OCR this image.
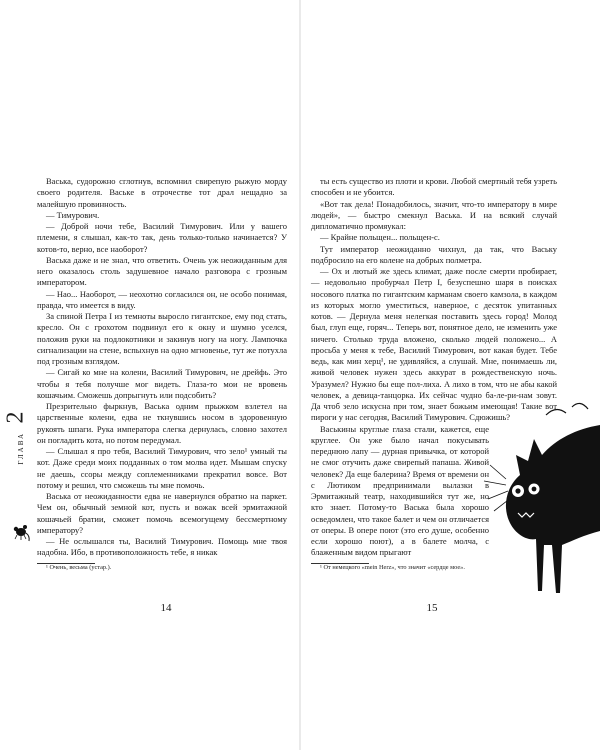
Васька, судорожно сглотнув, вспомнил свирепую рыжую морду своего родителя. Ваське в отрочестве тот драл нещадно за малейшую провинность.

— Тимурович.

— Доброй ночи тебе, Василий Тимурович. Или у вашего племени, я слышал, как-то так, день только-только начинается? У котов-то, верно, все наоборот?

Васька даже и не знал, что ответить. Очень уж неожиданным для него оказалось столь задушевное начало разговора с грозным императором.

— Нао... Наоборот, — неохотно согласился он, не особо понимая, правда, что имеется в виду.

За спиной Петра I из темноты выросло гигантское, ему под стать, кресло. Он с грохотом подвинул его к окну и шумно уселся, положив руки на подлокотники и закинув ногу на ногу. Лампочка сигнализации на стене, вспыхнув на одно мгновенье, тут же потухла под грозным взглядом.

— Сигай ко мне на колени, Василий Тимурович, не дрейфь. Это чтобы я тебя получше мог видеть. Глаза-то мои не вровень кошачьим. Сможешь допрыгнуть или подсобить?

Презрительно фыркнув, Васька одним прыжком взлетел на царственные колени, едва не ткнувшись носом в здоровенную рукоять шпаги. Рука императора слегка дернулась, словно захотел он погладить кота, но потом передумал.

— Слышал я про тебя, Василий Тимурович, что зело¹ умный ты кот. Даже среди моих подданных о том молва идет. Мышам спуску не даешь, ссоры между соплеменниками прекратил вовсе. Вот потому и решил, что сможешь ты мне помочь.

Васька от неожиданности едва не навернулся обратно на паркет. Чем он, обычный земной кот, пусть и вожак всей эрмитажной кошачьей братии, сможет помочь всемогущему бессмертному императору?

— Не ослышался ты, Василий Тимурович. Помощь мне твоя надобна. Ибо, в противоположность тебе, я никак

¹ Очень, весьма (устар.).

ГЛАВА
2
14

ты есть существо из плоти и крови. Любой смертный тебя узреть способен и не убоится.

«Вот так дела! Понадобилось, значит, что-то императору в мире людей», — быстро смекнул Васька. И на всякий случай дипломатично промяукал:

— Крайне польщен... польщен-с.

Тут император неожиданно чихнул, да так, что Ваську подбросило на его колене на добрых полметра.

— Ох и лютый же здесь климат, даже после смерти пробирает, — недовольно пробурчал Петр I, безуспешно шаря в поисках носового платка по гигантским карманам своего камзола, в каждом из которых могло уместиться, наверное, с десяток упитанных котов. — Дернула меня нелегкая поставить здесь город! Молод был, глуп еще, горяч... Теперь вот, понятное дело, не изменить уже ничего. Столько труда вложено, сколько людей положено... А просьба у меня к тебе, Василий Тимурович, вот какая будет. Тебе ведь, как мин херц¹, не удивляйся, а слушай. Мне, понимаешь ли, живой человек нужен здесь аккурат в рождественскую ночь. Уразумел? Нужно бы еще пол-лиха. А лихо в том, что не абы какой человек, а девица-танцорка. Их сейчас чудно ба-ле-ри-нам зовут. Да чтоб зело искусна при том, знает божьим имеющая! Такие вот пироги у нас сегодня, Василий Тимурович. Сдюжишь?

Васькины круглые глаза стали, кажется, еще круглее. Он уже было начал покусывать переднюю лапу — дурная привычка, от которой не смог отучить даже свирепый папаша. Живой человек? Да еще балерина? Время от времени он с Лютиком предпринимали вылазки в Эрмитажный театр, находившийся тут же, но кто знает. Потому-то Васька была хорошо осведомлен, что такое балет и чем он отличается от оперы. В опере поют (это его душе, особенно если хорошо поют), а в балете молча, с блаженным видом прыгают

¹ От немецкого «mein Herz», что значит «сердце мое».

15
